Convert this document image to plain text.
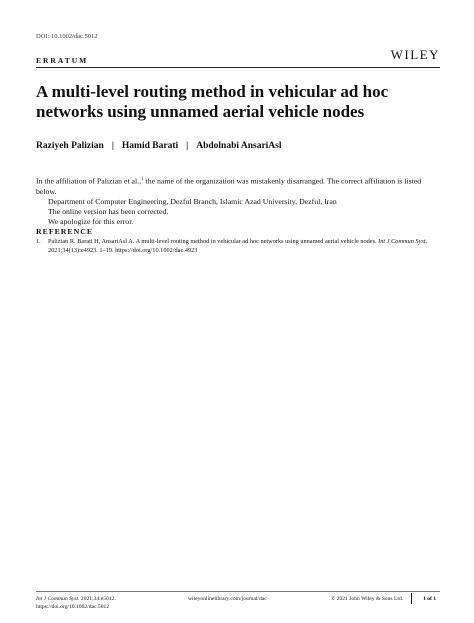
DOI: 10.1002/dac.5012
ERRATUM	WILEY
A multi-level routing method in vehicular ad hoc networks using unnamed aerial vehicle nodes
Raziyeh Palizian | Hamid Barati | Abdolnabi AnsariAsl

In the affiliation of Palizian et al.,$^1$ the name of the organization was mistakenly disarranged. The correct affiliation is listed below.

Department of Computer Engineering, Dezful Branch, Islamic Azad University, Dezful, Iran

The online version has been corrected.

We apologize for this error.

REFERENCE
1.	Palizian R. Barati H, AnsariAsl A. A multi-level routing method in vehicular ad hoc networks using unnamed aerial vehicle nodes. Int J Commun Syst. 2021;34(13):e4923. 1–19. https://doi.org/10.1002/dac.4923
Int J Commun Syst. 2021;34:e5012.
https://doi.org/10.1002/dac.5012
wileyonlinelibrary.com/journal/dac	© 2021 John Wiley & Sons Ltd.	1 of 1
